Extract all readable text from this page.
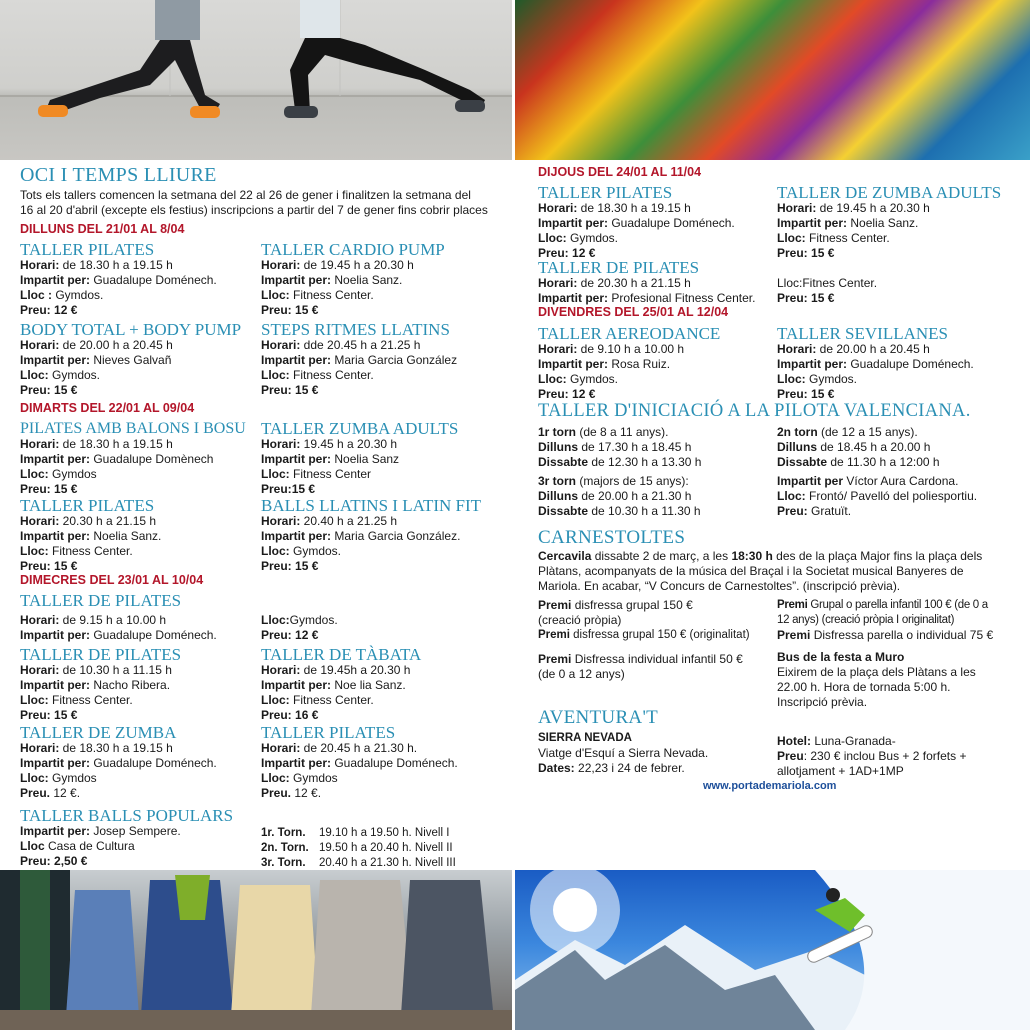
OCI I TEMPS LLIURE
Tots els tallers comencen la setmana del 22 al 26 de gener i finalitzen la setmana del
16 al 20 d'abril (excepte els festius) inscripcions a partir del 7 de gener fins cobrir places
DILLUNS DEL 21/01 AL 8/04
TALLER PILATES
Horari: de 18.30 h a 19.15 h
Impartit per: Guadalupe Doménech.
Lloc : Gymdos.
Preu: 12 €
TALLER CARDIO PUMP
Horari: de 19.45 h a 20.30 h
Impartit per: Noelia Sanz.
Lloc: Fitness Center.
Preu: 15 €
BODY TOTAL + BODY PUMP
Horari: de 20.00 h a 20.45 h
Impartit per: Nieves Galvañ
Lloc: Gymdos.
Preu: 15 €
STEPS RITMES LLATINS
Horari: dde 20.45 h a 21.25 h
Impartit per: Maria Garcia González
Lloc: Fitness Center.
Preu: 15 €
DIMARTS DEL 22/01 AL 09/04
PILATES AMB BALONS I BOSU
Horari: de 18.30 h a 19.15 h
Impartit per: Guadalupe Domènech
Lloc: Gymdos
Preu: 15 €
TALLER ZUMBA ADULTS
Horari: 19.45 h a 20.30 h
Impartit per: Noelia Sanz
Lloc: Fitness Center
Preu:15 €
TALLER PILATES
Horari: 20.30 h a 21.15 h
Impartit per: Noelia Sanz.
Lloc: Fitness Center.
Preu: 15 €
BALLS LLATINS I LATIN FIT
Horari: 20.40 h a 21.25 h
Impartit per: Maria Garcia González.
Lloc: Gymdos.
Preu: 15 €
DIMECRES DEL 23/01 AL 10/04
TALLER DE PILATES
Horari: de 9.15 h a 10.00 h
Impartit per: Guadalupe Doménech.
Lloc:Gymdos.
Preu: 12 €
TALLER DE PILATES
Horari: de 10.30 h a 11.15 h
Impartit per: Nacho Ribera.
Lloc: Fitness Center.
Preu: 15 €
TALLER DE TÀBATA
Horari: de 19.45h a 20.30 h
Impartit per: Noe lia Sanz.
Lloc: Fitness Center.
Preu: 16 €
TALLER DE ZUMBA
Horari: de 18.30 h a 19.15 h
Impartit per: Guadalupe Doménech.
Lloc: Gymdos
Preu. 12 €.
TALLER PILATES
Horari: de 20.45 h a 21.30 h.
Impartit per: Guadalupe Doménech.
Lloc: Gymdos
Preu. 12 €.
TALLER BALLS POPULARS
Impartit per: Josep Sempere.
Lloc Casa de Cultura
Preu: 2,50 €
1r. Torn. 19.10 h a 19.50 h. Nivell I
2n. Torn. 19.50 h a 20.40 h. Nivell II
3r. Torn. 20.40 h a 21.30 h. Nivell III
DIJOUS DEL 24/01 AL 11/04
TALLER PILATES
Horari: de 18.30 h a 19.15 h
Impartit per: Guadalupe Doménech.
Lloc: Gymdos.
Preu: 12 €
TALLER DE ZUMBA ADULTS
Horari: de 19.45 h a 20.30 h
Impartit per: Noelia Sanz.
Lloc: Fitness Center.
Preu: 15 €
TALLER DE PILATES
Horari: de 20.30 h a 21.15 h
Impartit per: Profesional Fitness Center.
Lloc:Fitnes Center.
Preu: 15 €
DIVENDRES DEL 25/01 AL 12/04
TALLER AEREODANCE
Horari: de 9.10 h a 10.00 h
Impartit per: Rosa Ruiz.
Lloc: Gymdos.
Preu: 12 €
TALLER SEVILLANES
Horari: de 20.00 h a 20.45 h
Impartit per: Guadalupe Doménech.
Lloc: Gymdos.
Preu: 15 €
TALLER D'INICIACIÓ A LA PILOTA VALENCIANA.
1r torn (de 8 a 11 anys).
Dilluns de 17.30 h a 18.45 h
Dissabte de 12.30 h a 13.30 h
2n torn (de 12 a 15 anys).
Dilluns de 18.45 h a 20.00 h
Dissabte de 11.30 h a 12:00 h
3r torn (majors de 15 anys):
Dilluns de 20.00 h a 21.30 h
Dissabte de 10.30 h a 11.30 h
Impartit per Víctor Aura Cardona.
Lloc: Frontó/ Pavelló del poliesportiu.
Preu: Gratuït.
CARNESTOLTES
Cercavila dissabte 2 de març, a les 18:30 h des de la plaça Major fins la plaça dels
Plàtans, acompanyats de la música del Braçal i la Societat musical Banyeres de
Mariola. En acabar, “V Concurs de Carnestoltes”. (inscripció prèvia).
Premi disfressa grupal 150 €
(creació pròpia)
Premi disfressa grupal 150 € (originalitat)
Premi Grupal o parella infantil 100 € (de 0 a
12 anys) (creació pròpia I originalitat)
Premi Disfressa parella o individual 75 €
Premi Disfressa individual infantil 50 €
(de 0 a 12 anys)
Bus de la festa a Muro
Eixirem de la plaça dels Plàtans a les
22.00 h. Hora de tornada 5:00 h.
Inscripció prèvia.
AVENTURA'T
SIERRA NEVADA
Viatge d'Esquí a Sierra Nevada.
Dates: 22,23 i 24 de febrer.
Hotel: Luna-Granada-
Preu: 230 € inclou Bus + 2 forfets +
allotjament + 1AD+1MP
www.portademariola.com
